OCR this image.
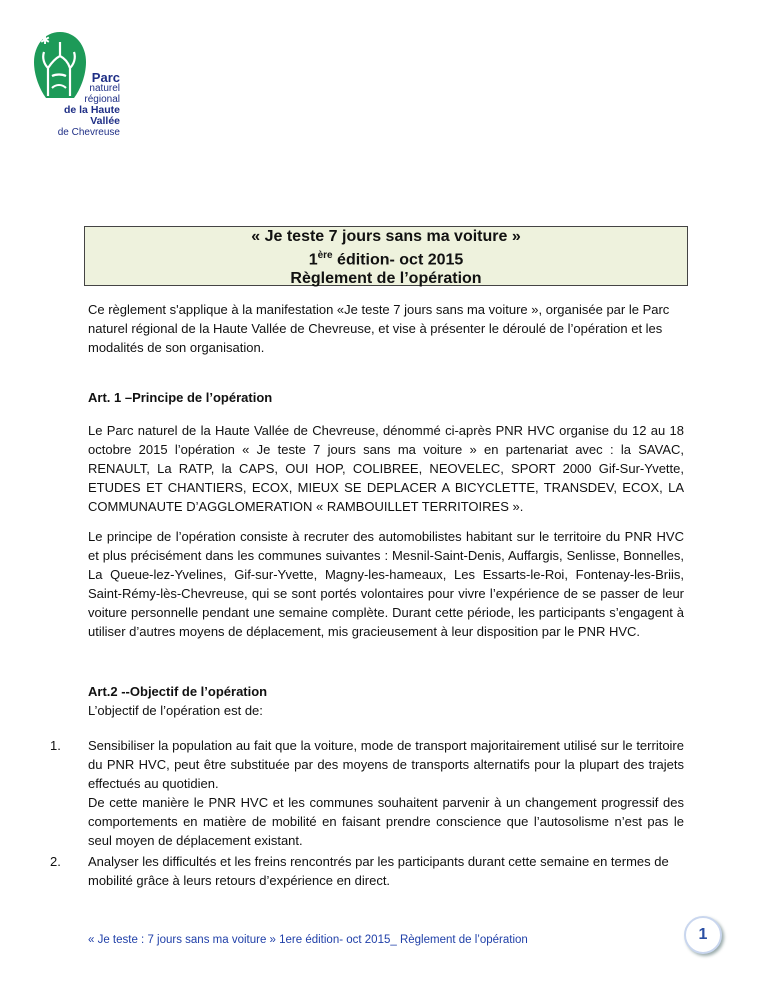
✱
Parc
naturel
régional
de la Haute Vallée
de Chevreuse
« Je teste 7 jours sans ma voiture »
1ère édition- oct 2015
Règlement de l’opération
Ce règlement s'applique à la manifestation «Je teste 7 jours sans ma voiture », organisée par le Parc naturel régional de la Haute Vallée de Chevreuse, et vise à présenter le déroulé de l’opération et les modalités de son organisation.
Art. 1 –Principe de l’opération
Le Parc naturel de la Haute Vallée de Chevreuse, dénommé ci-après PNR HVC organise du 12 au 18 octobre 2015 l’opération « Je teste 7 jours sans ma voiture » en partenariat avec : la SAVAC, RENAULT, La RATP, la CAPS, OUI HOP, COLIBREE, NEOVELEC, SPORT 2000 Gif-Sur-Yvette, ETUDES ET CHANTIERS, ECOX, MIEUX SE DEPLACER A BICYCLETTE, TRANSDEV, ECOX, LA COMMUNAUTE D’AGGLOMERATION « RAMBOUILLET TERRITOIRES ».
Le principe de l’opération consiste à recruter des automobilistes habitant sur le territoire du PNR HVC et plus précisément dans les communes suivantes : Mesnil-Saint-Denis, Auffargis, Senlisse, Bonnelles, La Queue-lez-Yvelines, Gif-sur-Yvette, Magny-les-hameaux, Les Essarts-le-Roi, Fontenay-les-Briis, Saint-Rémy-lès-Chevreuse, qui se sont portés volontaires pour vivre l’expérience de se passer de leur voiture personnelle pendant une semaine complète. Durant cette période, les participants s’engagent à utiliser d’autres moyens de déplacement, mis gracieusement à leur disposition par le PNR HVC.
Art.2 --Objectif de l’opération
L’objectif de l’opération est de:
1.	Sensibiliser la population au fait que la voiture, mode de transport majoritairement utilisé sur le territoire du PNR HVC, peut être substituée par des moyens de transports alternatifs pour la plupart des trajets effectués au quotidien.
De cette manière le PNR HVC et les communes souhaitent parvenir à un changement progressif des comportements en matière de mobilité en faisant prendre conscience que l’autosolisme n’est pas le seul moyen de déplacement existant.
2.	Analyser les difficultés et les freins rencontrés par les participants durant cette semaine en termes de mobilité grâce à leurs retours d’expérience en direct.
« Je teste : 7 jours sans ma voiture » 1ere édition- oct 2015_ Règlement de l’opération	1
